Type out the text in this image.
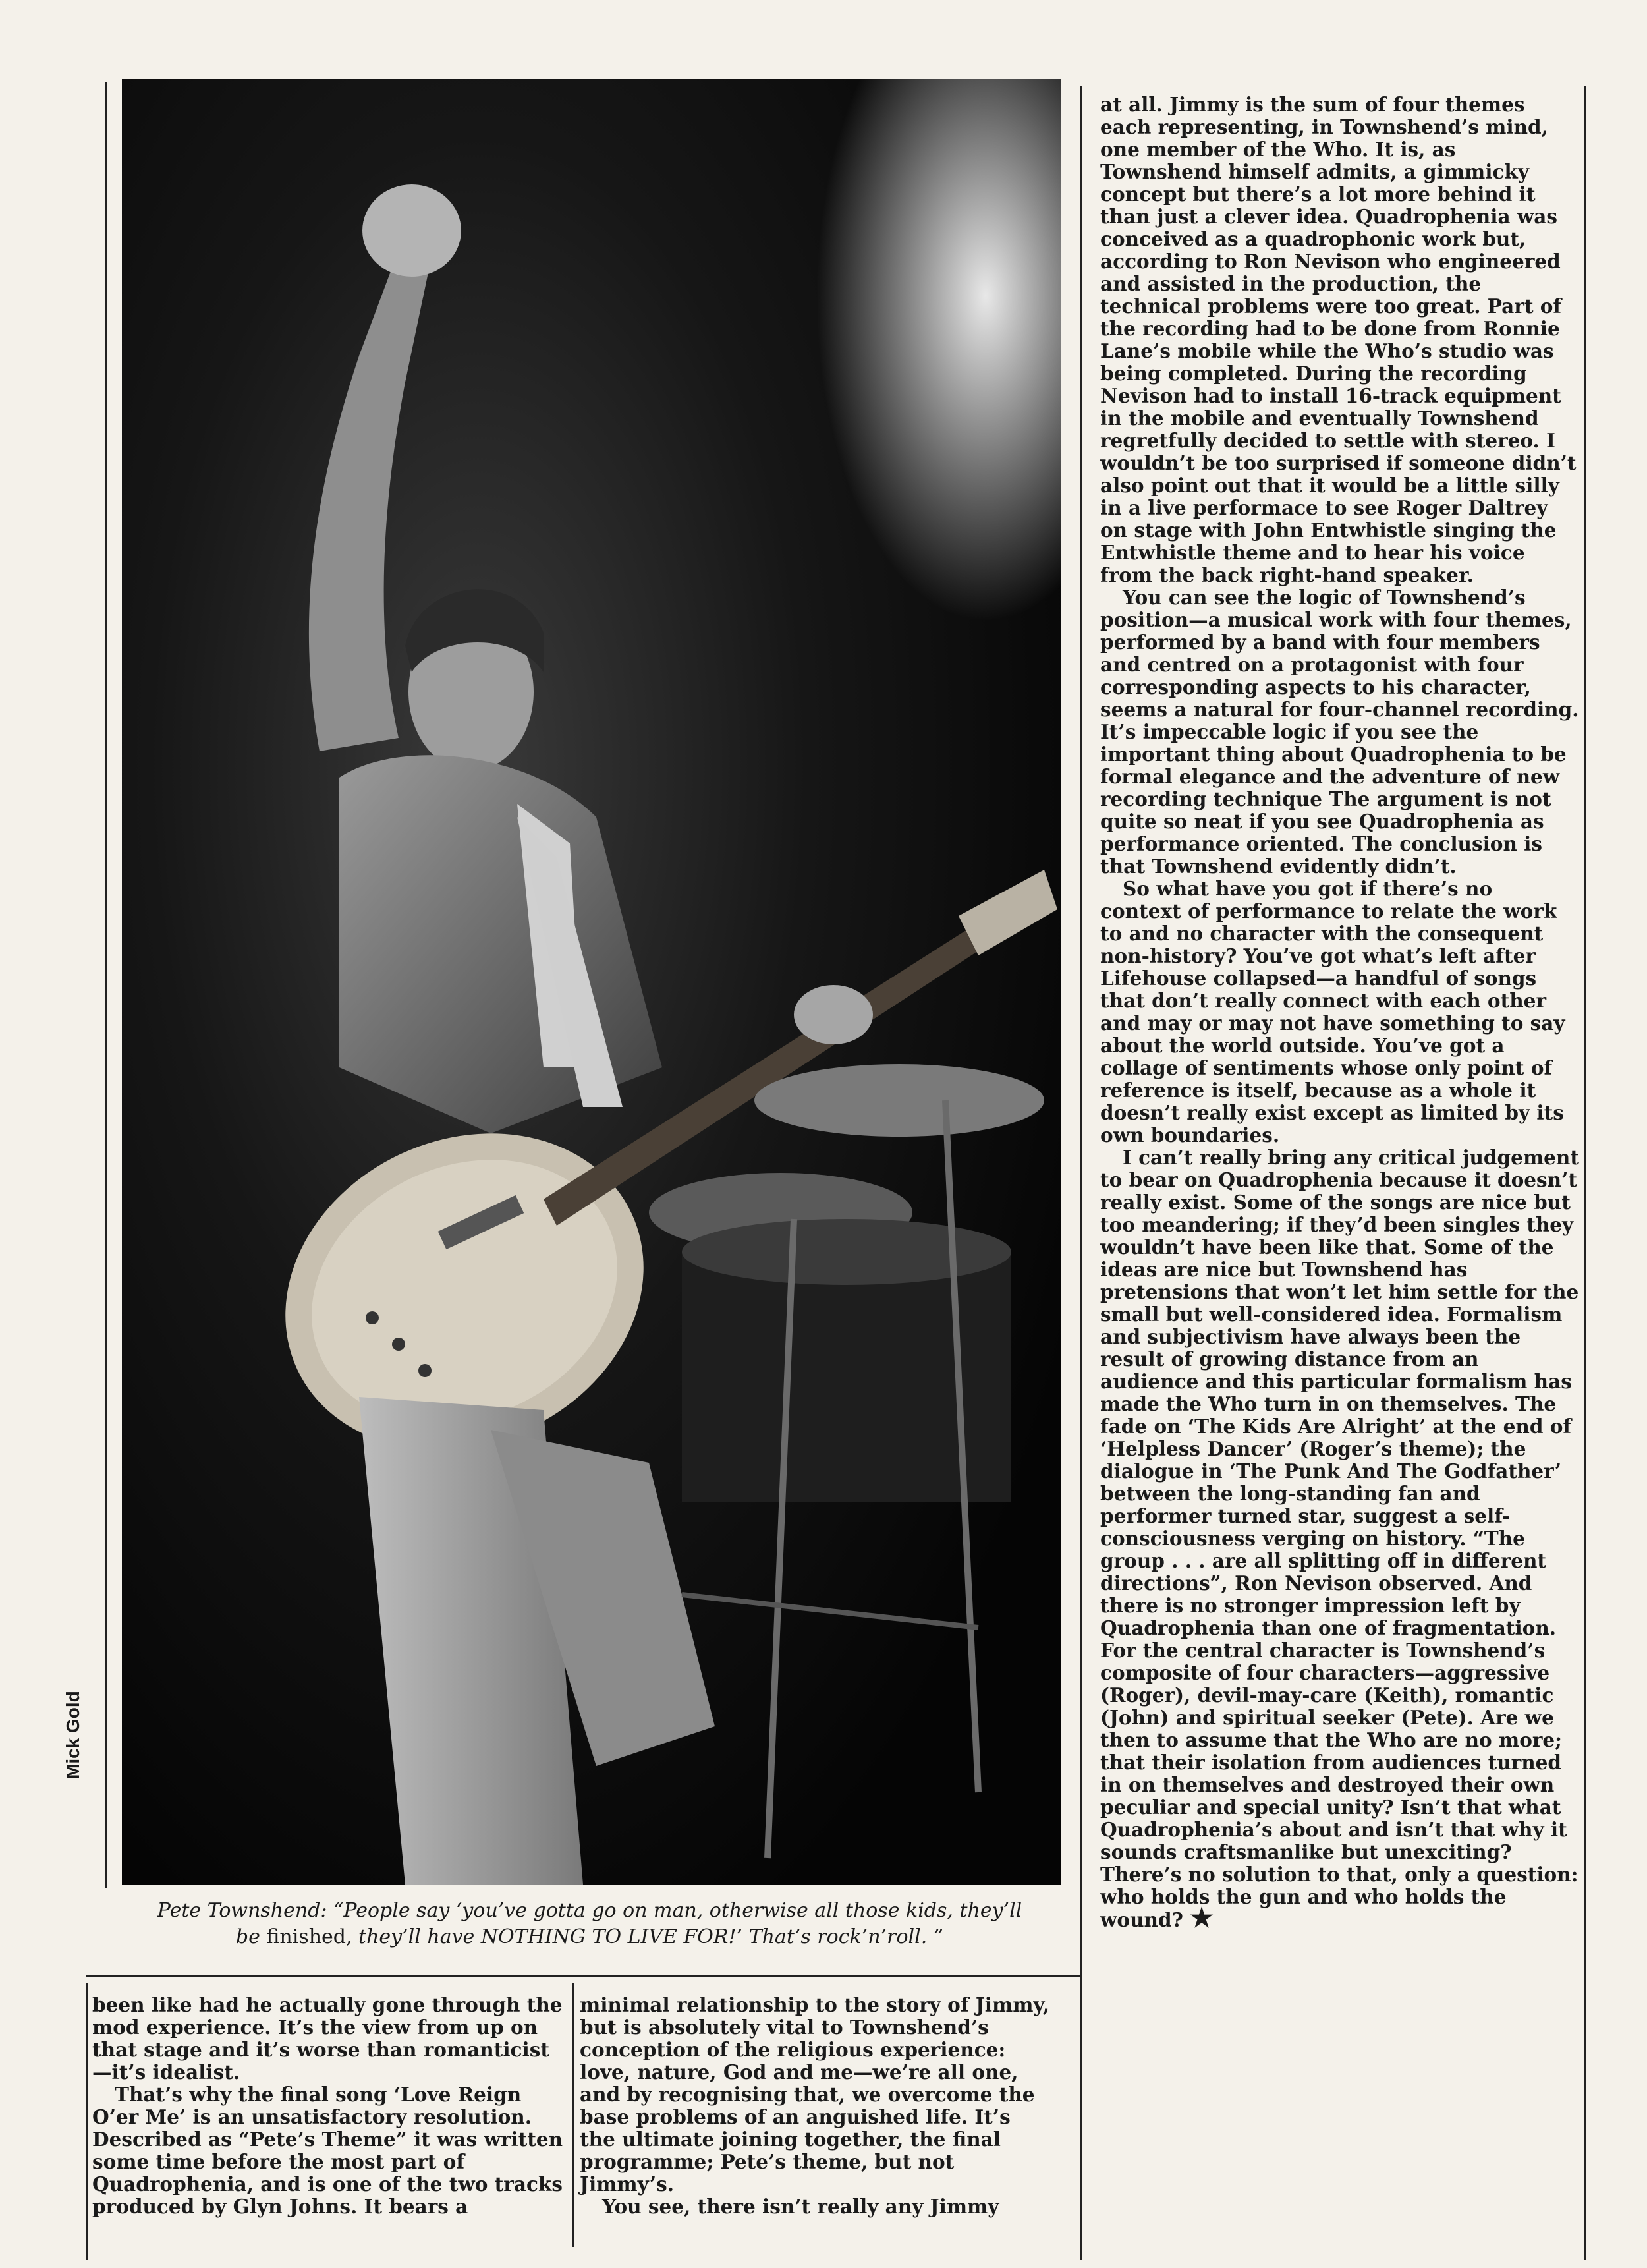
Mick Gold
Pete Townshend: “People say ‘you’ve gotta go on man, otherwise all those kids, they’ll be finished, they’ll have NOTHING TO LIVE FOR!’ That’s rock’n’roll. ”

at all. Jimmy is the sum of four themes each representing, in Townshend’s mind, one member of the Who. It is, as Townshend himself admits, a gimmicky concept but there’s a lot more behind it than just a clever idea. Quadrophenia was conceived as a quadrophonic work but, according to Ron Nevison who engineered and assisted in the production, the technical problems were too great. Part of the recording had to be done from Ronnie Lane’s mobile while the Who’s studio was being completed. During the recording Nevison had to install 16-track equipment in the mobile and eventually Townshend regretfully decided to settle with stereo. I wouldn’t be too surprised if someone didn’t also point out that it would be a little silly in a live performace to see Roger Daltrey on stage with John Entwhistle singing the Entwhistle theme and to hear his voice from the back right-hand speaker.

You can see the logic of Townshend’s position—a musical work with four themes, performed by a band with four members and centred on a protagonist with four corresponding aspects to his character, seems a natural for four-channel recording. It’s impeccable logic if you see the important thing about Quadrophenia to be formal elegance and the adventure of new recording technique The argument is not quite so neat if you see Quadrophenia as performance oriented. The conclusion is that Townshend evidently didn’t.

So what have you got if there’s no context of performance to relate the work to and no character with the consequent non-history? You’ve got what’s left after Lifehouse collapsed—a handful of songs that don’t really connect with each other and may or may not have something to say about the world outside. You’ve got a collage of sentiments whose only point of reference is itself, because as a whole it doesn’t really exist except as limited by its own boundaries.

I can’t really bring any critical judgement to bear on Quadrophenia because it doesn’t really exist. Some of the songs are nice but too meandering; if they’d been singles they wouldn’t have been like that. Some of the ideas are nice but Townshend has pretensions that won’t let him settle for the small but well-considered idea. Formalism and subjectivism have always been the result of growing distance from an audience and this particular formalism has made the Who turn in on themselves. The fade on ‘The Kids Are Alright’ at the end of ‘Helpless Dancer’ (Roger’s theme); the dialogue in ‘The Punk And The Godfather’ between the long-standing fan and performer turned star, suggest a self-consciousness verging on history. “The group . . . are all splitting off in different directions”, Ron Nevison observed. And there is no stronger impression left by Quadrophenia than one of fragmentation. For the central character is Townshend’s composite of four characters—aggressive (Roger), devil-may-care (Keith), romantic (John) and spiritual seeker (Pete). Are we then to assume that the Who are no more; that their isolation from audiences turned in on themselves and destroyed their own peculiar and special unity? Isn’t that what Quadrophenia’s about and isn’t that why it sounds craftsmanlike but unexciting? There’s no solution to that, only a question: who holds the gun and who holds the wound? ★

been like had he actually gone through the mod experience. It’s the view from up on that stage and it’s worse than romanticist—it’s idealist.

That’s why the final song ‘Love Reign O’er Me’ is an unsatisfactory resolution. Described as “Pete’s Theme” it was written some time before the most part of Quadrophenia, and is one of the two tracks produced by Glyn Johns. It bears a

minimal relationship to the story of Jimmy, but is absolutely vital to Townshend’s conception of the religious experience: love, nature, God and me—we’re all one, and by recognising that, we overcome the base problems of an anguished life. It’s the ultimate joining together, the final programme; Pete’s theme, but not Jimmy’s.

You see, there isn’t really any Jimmy
